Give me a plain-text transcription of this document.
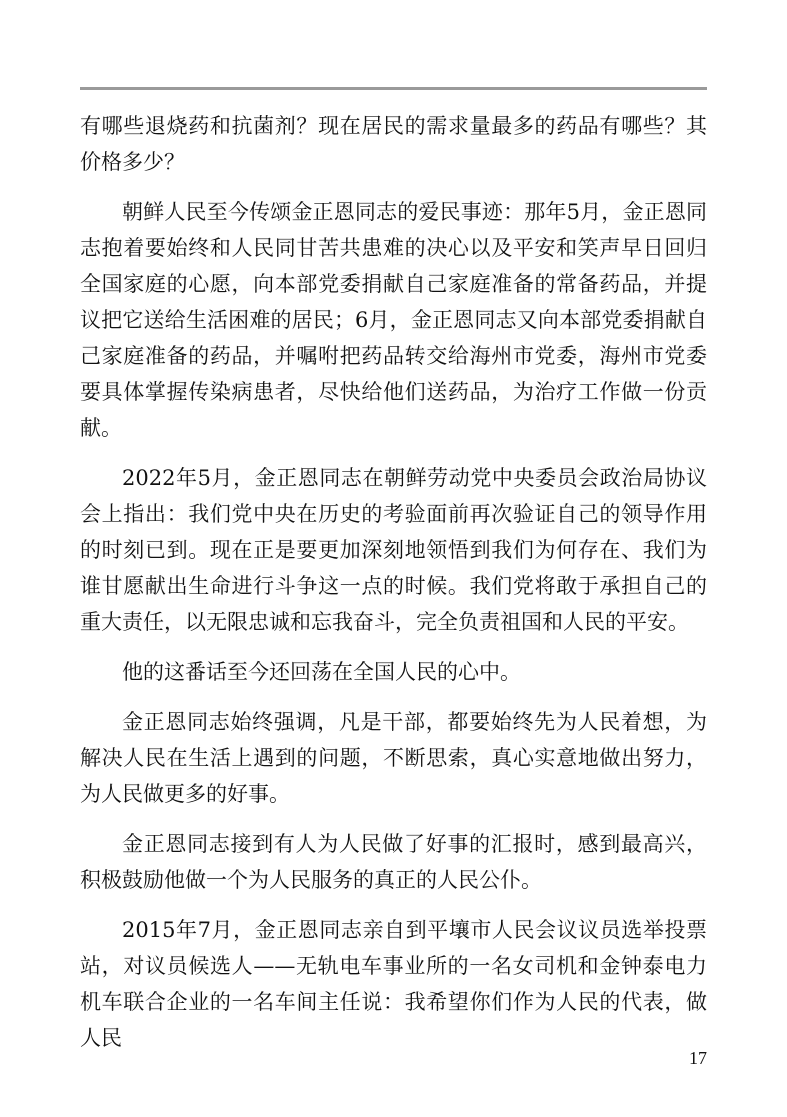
有哪些退烧药和抗菌剂？现在居民的需求量最多的药品有哪些？其价格多少？

朝鲜人民至今传颂金正恩同志的爱民事迹：那年5月，金正恩同志抱着要始终和人民同甘苦共患难的决心以及平安和笑声早日回归全国家庭的心愿，向本部党委捐献自己家庭准备的常备药品，并提议把它送给生活困难的居民；6月，金正恩同志又向本部党委捐献自己家庭准备的药品，并嘱咐把药品转交给海州市党委，海州市党委要具体掌握传染病患者，尽快给他们送药品，为治疗工作做一份贡献。

2022年5月，金正恩同志在朝鲜劳动党中央委员会政治局协议会上指出：我们党中央在历史的考验面前再次验证自己的领导作用的时刻已到。现在正是要更加深刻地领悟到我们为何存在、我们为谁甘愿献出生命进行斗争这一点的时候。我们党将敢于承担自己的重大责任，以无限忠诚和忘我奋斗，完全负责祖国和人民的平安。

他的这番话至今还回荡在全国人民的心中。

金正恩同志始终强调，凡是干部，都要始终先为人民着想，为解决人民在生活上遇到的问题，不断思索，真心实意地做出努力，为人民做更多的好事。

金正恩同志接到有人为人民做了好事的汇报时，感到最高兴，积极鼓励他做一个为人民服务的真正的人民公仆。

2015年7月，金正恩同志亲自到平壤市人民会议议员选举投票站，对议员候选人——无轨电车事业所的一名女司机和金钟泰电力机车联合企业的一名车间主任说：我希望你们作为人民的代表，做人民

17
